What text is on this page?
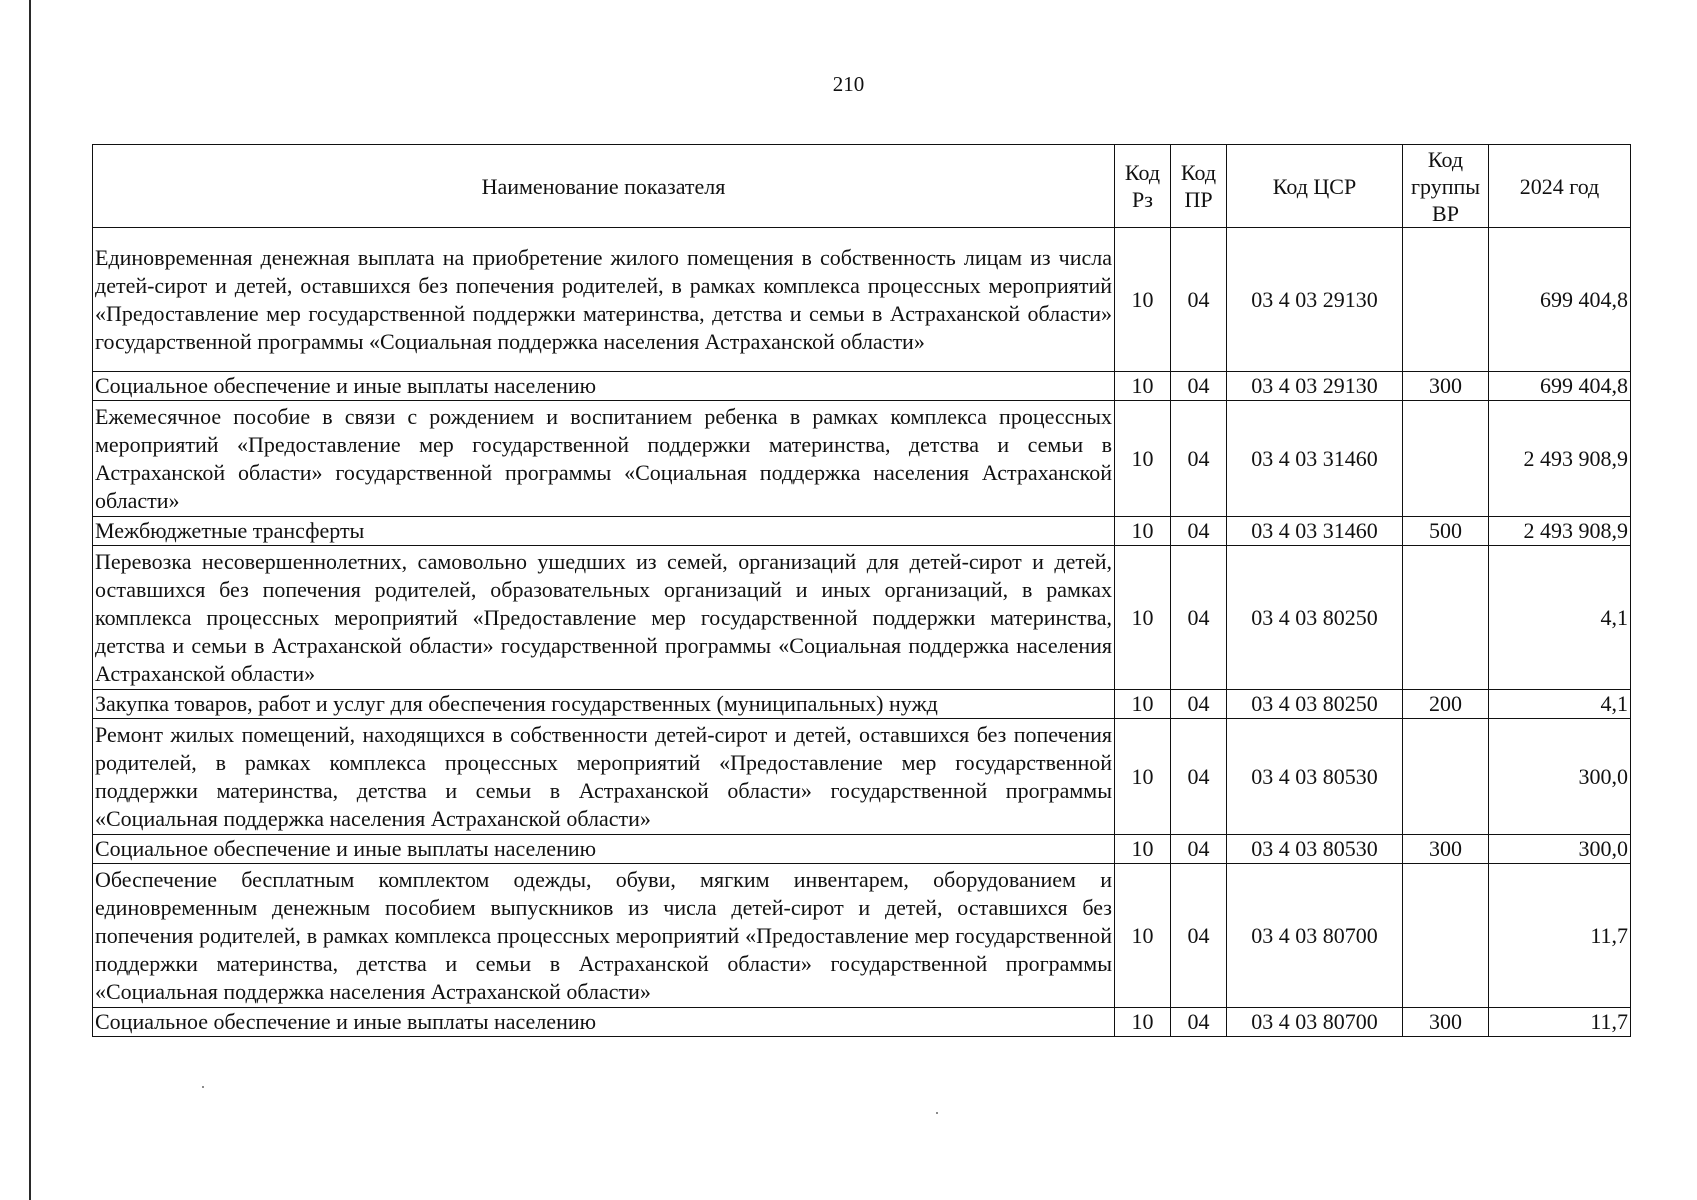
210
Наименование показателя	Код Рз	Код ПР	Код ЦСР	Код группы ВР	2024 год
Единовременная денежная выплата на приобретение жилого помещения в собственность лицам из числа детей-сирот и детей, оставшихся без попечения родителей, в рамках комплекса процессных мероприятий «Предоставление мер государственной поддержки материнства, детства и семьи в Астраханской области» государственной программы «Социальная поддержка населения Астраханской области»	10	04	03 4 03 29130		699 404,8
Социальное обеспечение и иные выплаты населению	10	04	03 4 03 29130	300	699 404,8
Ежемесячное пособие в связи с рождением и воспитанием ребенка в рамках комплекса процессных мероприятий «Предоставление мер государственной поддержки материнства, детства и семьи в Астраханской области» государственной программы «Социальная поддержка населения Астраханской области»	10	04	03 4 03 31460		2 493 908,9
Межбюджетные трансферты	10	04	03 4 03 31460	500	2 493 908,9
Перевозка несовершеннолетних, самовольно ушедших из семей, организаций для детей-сирот и детей, оставшихся без попечения родителей, образовательных организаций и иных организаций, в рамках комплекса процессных мероприятий «Предоставление мер государственной поддержки материнства, детства и семьи в Астраханской области» государственной программы «Социальная поддержка населения Астраханской области»	10	04	03 4 03 80250		4,1
Закупка товаров, работ и услуг для обеспечения государственных (муниципальных) нужд	10	04	03 4 03 80250	200	4,1
Ремонт жилых помещений, находящихся в собственности детей-сирот и детей, оставшихся без попечения родителей, в рамках комплекса процессных мероприятий «Предоставление мер государственной поддержки материнства, детства и семьи в Астраханской области» государственной программы «Социальная поддержка населения Астраханской области»	10	04	03 4 03 80530		300,0
Социальное обеспечение и иные выплаты населению	10	04	03 4 03 80530	300	300,0
Обеспечение бесплатным комплектом одежды, обуви, мягким инвентарем, оборудованием и единовременным денежным пособием выпускников из числа детей-сирот и детей, оставшихся без попечения родителей, в рамках комплекса процессных мероприятий «Предоставление мер государственной поддержки материнства, детства и семьи в Астраханской области» государственной программы «Социальная поддержка населения Астраханской области»	10	04	03 4 03 80700		11,7
Социальное обеспечение и иные выплаты населению	10	04	03 4 03 80700	300	11,7
